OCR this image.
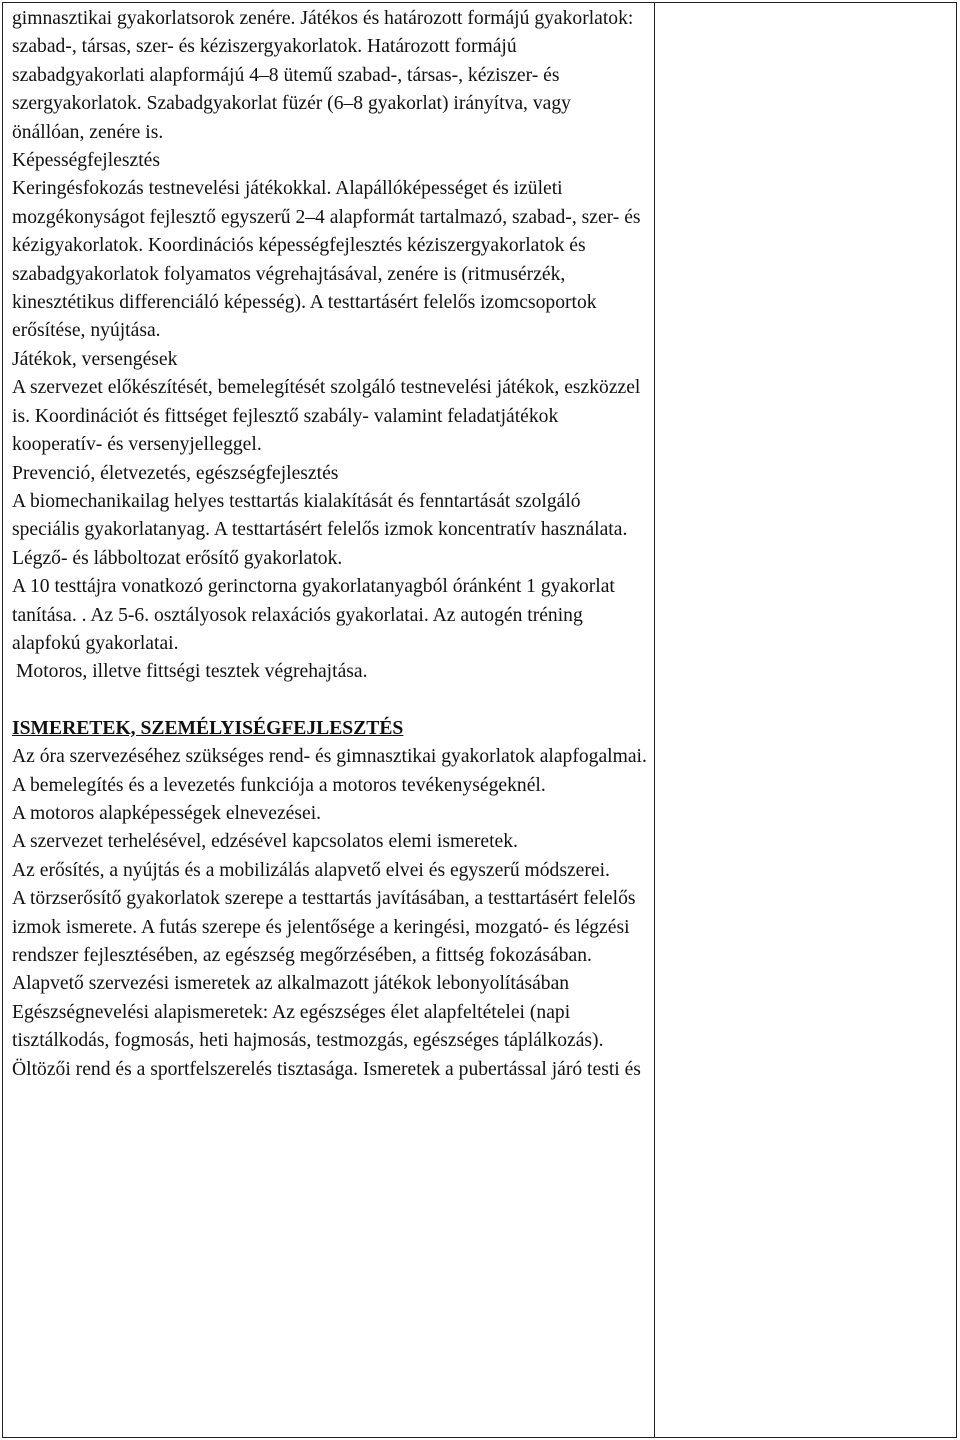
gimnasztikai gyakorlatsorok zenére. Játékos és határozott formájú gyakorlatok: szabad-, társas, szer- és kéziszergyakorlatok. Határozott formájú szabadgyakorlati alapformájú 4–8 ütemű szabad-, társas-, kéziszer- és szergyakorlatok. Szabadgyakorlat füzér (6–8 gyakorlat) irányítva, vagy önállóan, zenére is.

Képességfejlesztés

Keringésfokozás testnevelési játékokkal. Alapállóképességet és izületi mozgékonyságot fejlesztő egyszerű 2–4 alapformát tartalmazó, szabad-, szer- és kézigyakorlatok. Koordinációs képességfejlesztés kéziszergyakorlatok és szabadgyakorlatok folyamatos végrehajtásával, zenére is (ritmusérzék, kinesztétikus differenciáló képesség). A testtartásért felelős izomcsoportok erősítése, nyújtása.

Játékok, versengések

A szervezet előkészítését, bemelegítését szolgáló testnevelési játékok, eszközzel is. Koordinációt és fittséget fejlesztő szabály- valamint feladatjátékok kooperatív- és versenyjelleggel.

Prevenció, életvezetés, egészségfejlesztés

A biomechanikailag helyes testtartás kialakítását és fenntartását szolgáló speciális gyakorlatanyag. A testtartásért felelős izmok koncentratív használata. Légző- és lábboltozat erősítő gyakorlatok.

A 10 testtájra vonatkozó gerinctorna gyakorlatanyagból óránként 1 gyakorlat tanítása. . Az 5-6. osztályosok relaxációs gyakorlatai. Az autogén tréning alapfokú gyakorlatai.

Motoros, illetve fittségi tesztek végrehajtása.

ISMERETEK, SZEMÉLYISÉGFEJLESZTÉS

Az óra szervezéséhez szükséges rend- és gimnasztikai gyakorlatok alapfogalmai.

A bemelegítés és a levezetés funkciója a motoros tevékenységeknél.

A motoros alapképességek elnevezései.

A szervezet terhelésével, edzésével kapcsolatos elemi ismeretek.

Az erősítés, a nyújtás és a mobilizálás alapvető elvei és egyszerű módszerei.

A törzserősítő gyakorlatok szerepe a testtartás javításában, a testtartásért felelős izmok ismerete. A futás szerepe és jelentősége a keringési, mozgató- és légzési rendszer fejlesztésében, az egészség megőrzésében, a fittség fokozásában.

Alapvető szervezési ismeretek az alkalmazott játékok lebonyolításában

Egészségnevelési alapismeretek: Az egészséges élet alapfeltételei (napi tisztálkodás, fogmosás, heti hajmosás, testmozgás, egészséges táplálkozás). Öltözői rend és a sportfelszerelés tisztasága. Ismeretek a pubertással járó testi és
